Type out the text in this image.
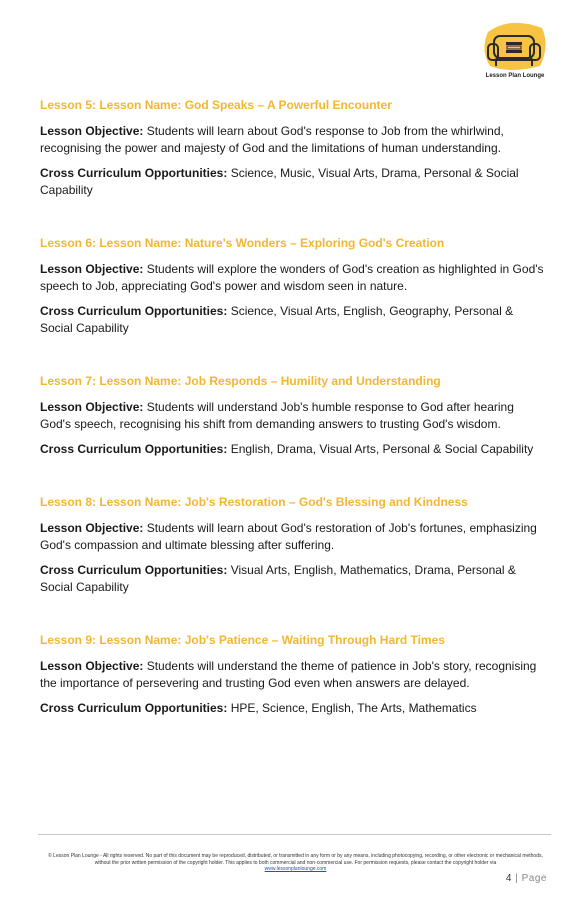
Lesson Plan Lounge
Lesson 5: Lesson Name: God Speaks – A Powerful Encounter

Lesson Objective: Students will learn about God's response to Job from the whirlwind, recognising the power and majesty of God and the limitations of human understanding.

Cross Curriculum Opportunities: Science, Music, Visual Arts, Drama, Personal & Social Capability

Lesson 6: Lesson Name: Nature's Wonders – Exploring God's Creation

Lesson Objective: Students will explore the wonders of God's creation as highlighted in God's speech to Job, appreciating God's power and wisdom seen in nature.

Cross Curriculum Opportunities: Science, Visual Arts, English, Geography, Personal & Social Capability

Lesson 7: Lesson Name: Job Responds – Humility and Understanding

Lesson Objective: Students will understand Job's humble response to God after hearing God's speech, recognising his shift from demanding answers to trusting God's wisdom.

Cross Curriculum Opportunities: English, Drama, Visual Arts, Personal & Social Capability

Lesson 8: Lesson Name: Job's Restoration – God's Blessing and Kindness

Lesson Objective: Students will learn about God's restoration of Job's fortunes, emphasizing God's compassion and ultimate blessing after suffering.

Cross Curriculum Opportunities: Visual Arts, English, Mathematics, Drama, Personal & Social Capability

Lesson 9: Lesson Name: Job's Patience – Waiting Through Hard Times

Lesson Objective: Students will understand the theme of patience in Job's story, recognising the importance of persevering and trusting God even when answers are delayed.

Cross Curriculum Opportunities: HPE, Science, English, The Arts, Mathematics

© Lesson Plan Lounge - All rights reserved. No part of this document may be reproduced, distributed, or transmitted in any form or by any means, including photocopying, recording, or other electronic or mechanical methods, without the prior written permission of the copyright holder. This applies to both commercial and non-commercial use. For permission requests, please contact the copyright holder via
www.lessonplanlounge.com
4 | Page
